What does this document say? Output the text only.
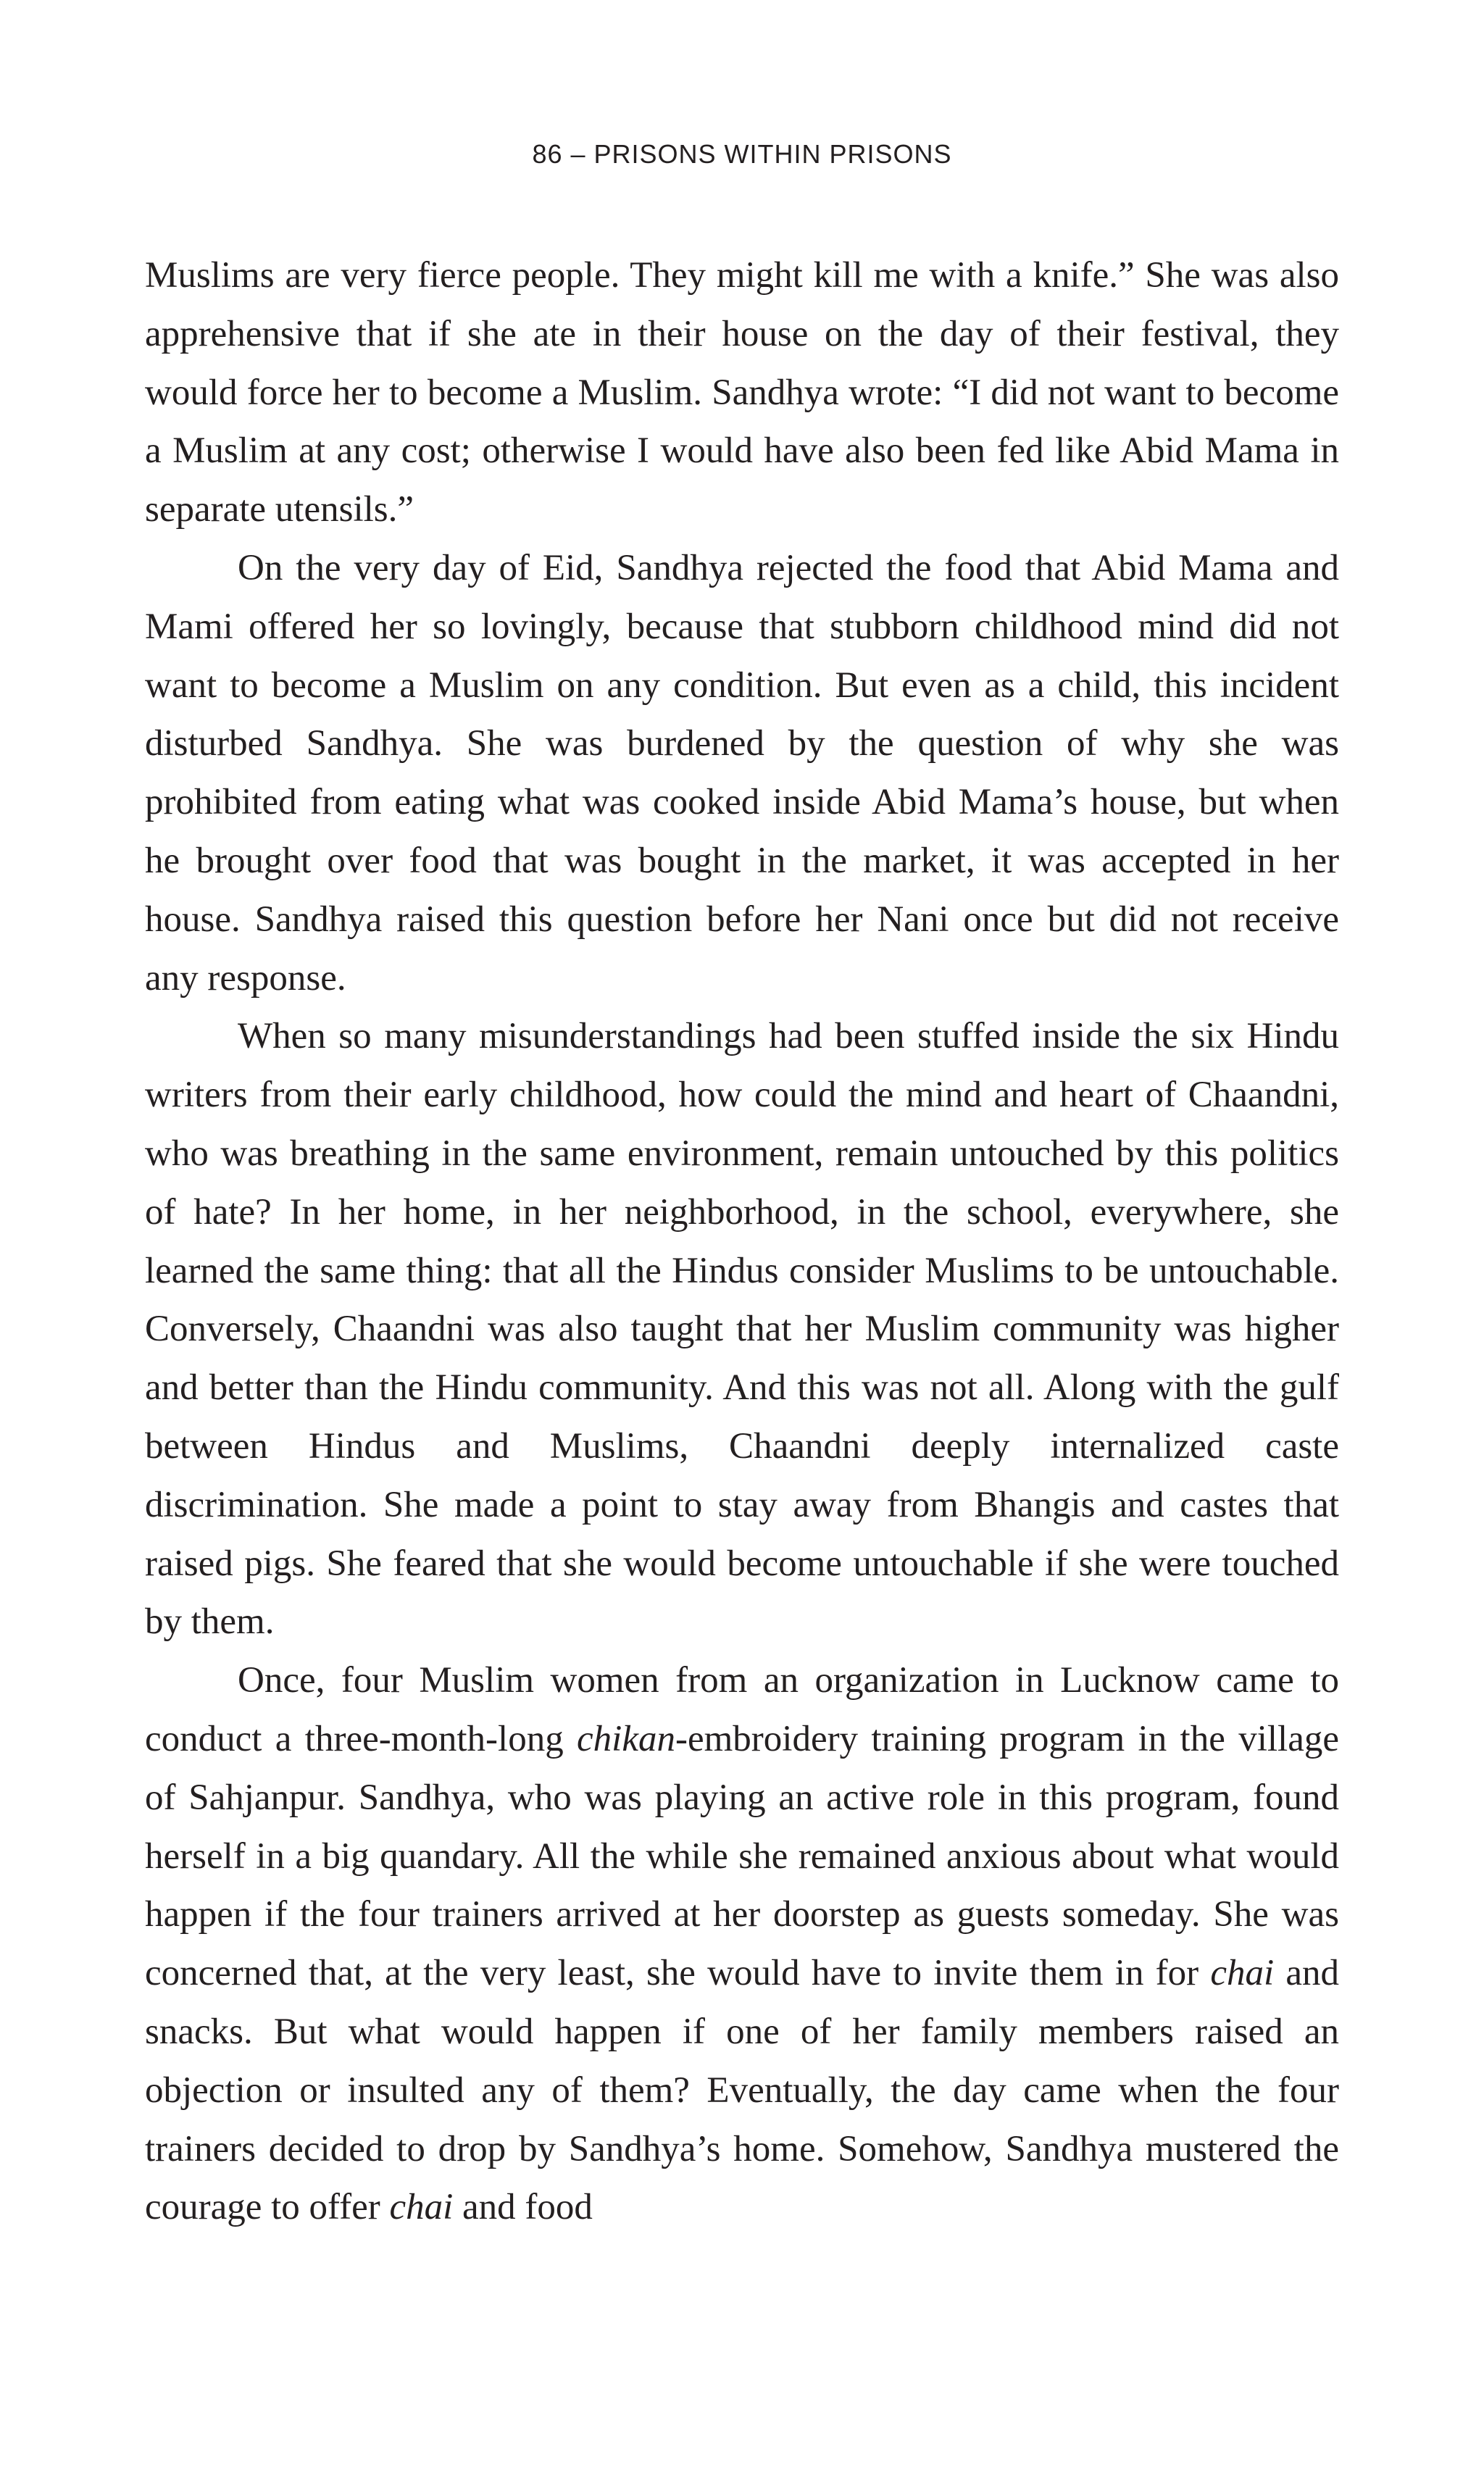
86 – PRISONS WITHIN PRISONS

Muslims are very fierce people. They might kill me with a knife.” She was also apprehensive that if she ate in their house on the day of their festival, they would force her to become a Muslim. Sandhya wrote: “I did not want to become a Muslim at any cost; otherwise I would have also been fed like Abid Mama in separate utensils.”

On the very day of Eid, Sandhya rejected the food that Abid Mama and Mami offered her so lovingly, because that stubborn childhood mind did not want to become a Muslim on any condition. But even as a child, this incident disturbed Sandhya. She was burdened by the question of why she was prohibited from eating what was cooked inside Abid Mama’s house, but when he brought over food that was bought in the market, it was accepted in her house. Sandhya raised this question before her Nani once but did not receive any response.

When so many misunderstandings had been stuffed inside the six Hindu writers from their early childhood, how could the mind and heart of Chaandni, who was breathing in the same environment, remain untouched by this politics of hate? In her home, in her neighborhood, in the school, everywhere, she learned the same thing: that all the Hindus consider Muslims to be untouchable. Conversely, Chaandni was also taught that her Muslim community was higher and better than the Hindu community. And this was not all. Along with the gulf between Hindus and Muslims, Chaandni deeply internalized caste discrimination. She made a point to stay away from Bhangis and castes that raised pigs. She feared that she would become untouchable if she were touched by them.

Once, four Muslim women from an organization in Lucknow came to conduct a three-month-long chikan-embroidery training program in the village of Sahjanpur. Sandhya, who was playing an active role in this program, found herself in a big quandary. All the while she remained anxious about what would happen if the four trainers arrived at her doorstep as guests someday. She was concerned that, at the very least, she would have to invite them in for chai and snacks. But what would happen if one of her family members raised an objection or insulted any of them? Eventually, the day came when the four trainers decided to drop by Sandhya’s home. Somehow, Sandhya mustered the courage to offer chai and food
